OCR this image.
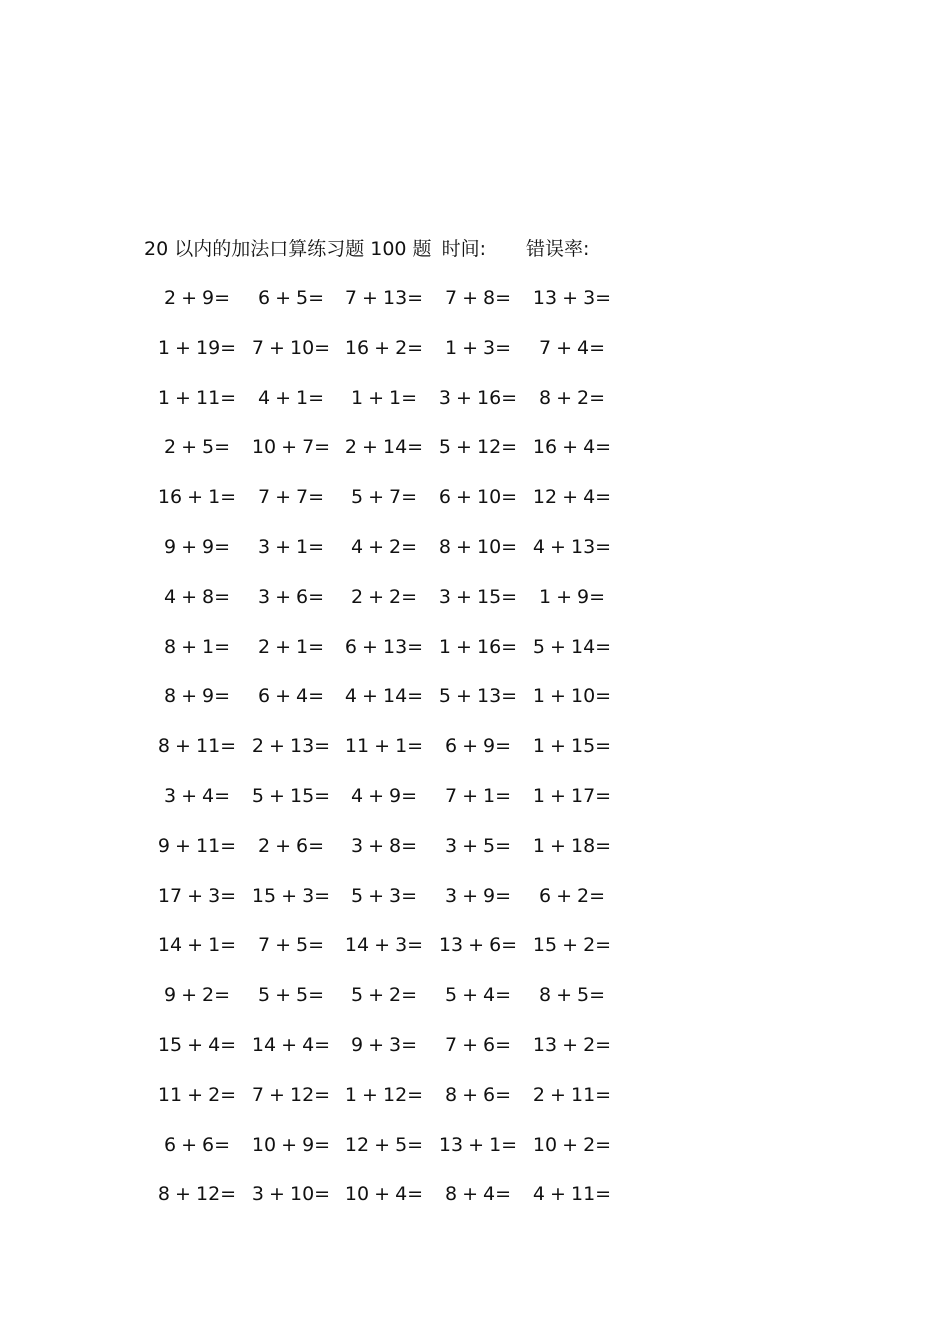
20 以内的加法口算练习题 100 题 时间: 错误率:
2 + 9=	6 + 5=	7 + 13=	7 + 8=	13 + 3=
1 + 19= 7 + 10= 16 + 2=	1 + 3=	7 + 4=
1 + 11=	4 + 1=	1 + 1=	3 + 16=	8 + 2=
2 + 5=	10 + 7= 2 + 14= 5 + 12= 16 + 4=
16 + 1=	7 + 7=	5 + 7=	6 + 10= 12 + 4=
9 + 9=	3 + 1=	4 + 2=	8 + 10= 4 + 13=
4 + 8=	3 + 6=	2 + 2=	3 + 15=	1 + 9=
8 + 1=	2 + 1=	6 + 13= 1 + 16= 5 + 14=
8 + 9=	6 + 4=	4 + 14= 5 + 13= 1 + 10=
8 + 11= 2 + 13= 11 + 1=	6 + 9=	1 + 15=
3 + 4=	5 + 15=	4 + 9=	7 + 1=	1 + 17=
9 + 11=	2 + 6=	3 + 8=	3 + 5=	1 + 18=
17 + 3= 15 + 3=	5 + 3=	3 + 9=	6 + 2=
14 + 1=	7 + 5=	14 + 3= 13 + 6= 15 + 2=
9 + 2=	5 + 5=	5 + 2=	5 + 4=	8 + 5=
15 + 4= 14 + 4=	9 + 3=	7 + 6=	13 + 2=
11 + 2= 7 + 12= 1 + 12=	8 + 6=	2 + 11=
6 + 6=	10 + 9= 12 + 5= 13 + 1= 10 + 2=
8 + 12= 3 + 10= 10 + 4=	8 + 4=	4 + 11=
